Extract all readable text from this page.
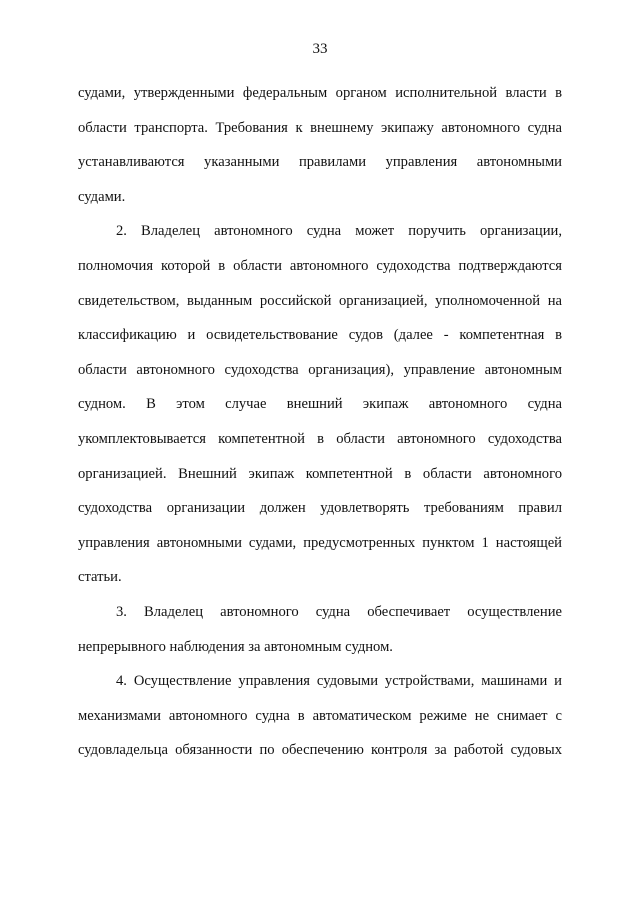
33

судами, утвержденными федеральным органом исполнительной власти в
области транспорта. Требования к внешнему экипажу автономного судна
устанавливаются указанными правилами управления автономными
судами.

2. Владелец автономного судна может поручить организации,
полномочия которой в области автономного судоходства подтверждаются
свидетельством, выданным российской организацией, уполномоченной на
классификацию и освидетельствование судов (далее - компетентная в
области автономного судоходства организация), управление автономным
судном. В этом случае внешний экипаж автономного судна
укомплектовывается компетентной в области автономного судоходства
организацией. Внешний экипаж компетентной в области автономного
судоходства организации должен удовлетворять требованиям правил
управления автономными судами, предусмотренных пунктом 1 настоящей
статьи.

3. Владелец автономного судна обеспечивает осуществление
непрерывного наблюдения за автономным судном.

4. Осуществление управления судовыми устройствами, машинами и
механизмами автономного судна в автоматическом режиме не снимает с
судовладельца обязанности по обеспечению контроля за работой судовых
